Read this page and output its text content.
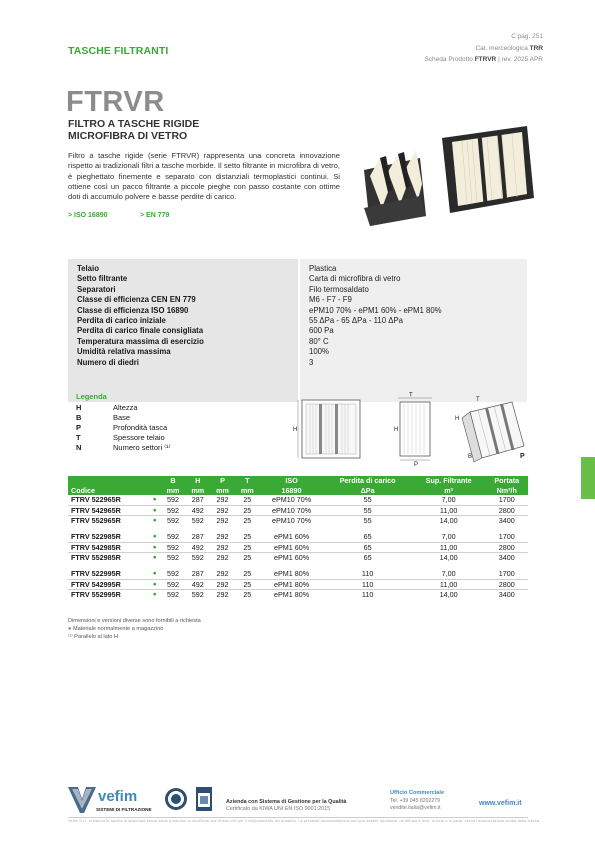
TASCHE FILTRANTI
C pag. 251
Cat. merceologica TRR
Scheda Prodotto FTRVR | rev. 2025 APR
FTRVR
FILTRO A TASCHE RIGIDE
MICROFIBRA DI VETRO
Filtro a tasche rigide (serie FTRVR) rappresenta una concreta innovazione rispetto ai tradizionali filtri a tasche morbide. Il setto filtrante in microfibra di vetro, è pieghettato finemente e separato con distanziali termoplastici continui. Si ottiene così un pacco filtrante a piccole pieghe con passo costante con ottime doti di accumulo polvere e basse perdite di carico.
> ISO 16890	> EN 779
Telaio	Plastica
Setto filtrante	Carta di microfibra di vetro
Separatori	Filo termosaldato
Classe di efficienza CEN EN 779	M6 - F7 - F9
Classe di efficienza ISO 16890	ePM10 70% - ePM1 60% - ePM1 80%
Perdita di carico iniziale	55 ΔPa - 65 ΔPa - 110 ΔPa
Perdita di carico finale consigliata	600 Pa
Temperatura massima di esercizio	80° C
Umidità relativa massima	100%
Numero di diedri	3
Legenda
H	Altezza
B	Base
P	Profondità tasca
T	Spessore telaio
N	Numero settori ⁽¹⁾
H
T
H
P
H
T
B	P
		B	H	P	T	ISO	Perdita di carico	Sup. Filtrante	Portata
Codice		mm	mm	mm	mm	16890	ΔPa	m²	Nm³/h
FTRV 522965R	●	592	287	292	25	ePM10 70%	55	7,00	1700
FTRV 542965R	●	592	492	292	25	ePM10 70%	55	11,00	2800
FTRV 552965R	●	592	592	292	25	ePM10 70%	55	14,00	3400

FTRV 522985R	●	592	287	292	25	ePM1 60%	65	7,00	1700
FTRV 542985R	●	592	492	292	25	ePM1 60%	65	11,00	2800
FTRV 552985R	●	592	592	292	25	ePM1 60%	65	14,00	3400

FTRV 522995R	●	592	287	292	25	ePM1 80%	110	7,00	1700
FTRV 542995R	●	592	492	292	25	ePM1 80%	110	11,00	2800
FTRV 552995R	●	592	592	292	25	ePM1 80%	110	14,00	3400
Dimensioni e versioni diverse sono fornibili a richiesta
● Materiale normalmente a magazzino
⁽¹⁾ Parallelo al lato H
vefim
SISTEMI DI FILTRAZIONE
Azienda con Sistema di Gestione per la Qualità
Certificato da KIWA UNI EN ISO 9001:2015
Ufficio Commerciale
Tel. +39 045 8202279
vendite.italia@vefim.it
www.vefim.it
Vefim S.r.l. si riserva la facoltà di apportare senza alcun preavviso le modifiche che ritiene utili per il miglioramento del prodotto. La presente documentazione non può essere riprodotta, né diffusa a terzi, in tutto o in parte, senza l'autorizzazione scritta della stessa.
